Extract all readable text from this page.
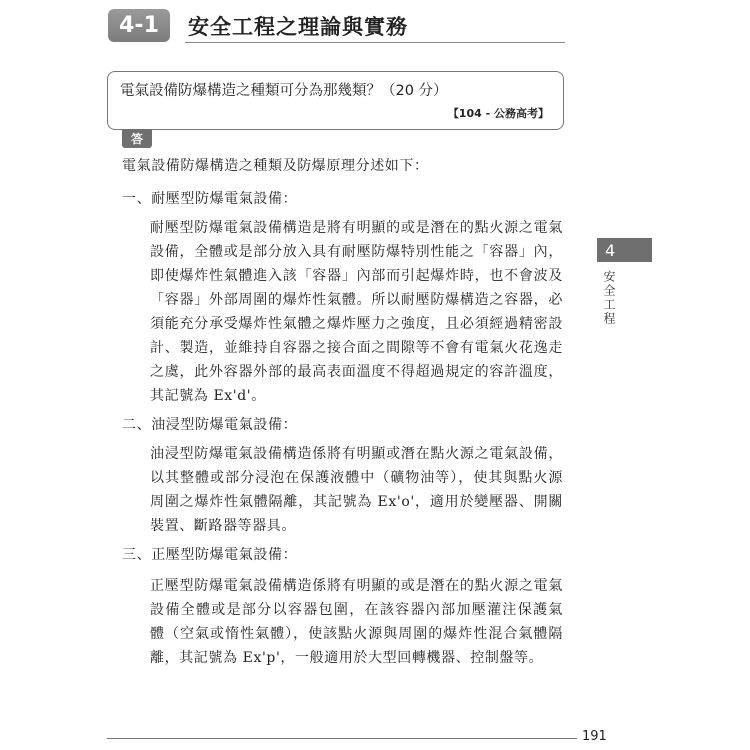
4-1	安全工程之理論與實務
電氣設備防爆構造之種類可分為那幾類？（20 分）
【104 - 公務高考】
答
4
安全工程
電氣設備防爆構造之種類及防爆原理分述如下：
一、耐壓型防爆電氣設備：
耐壓型防爆電氣設備構造是將有明顯的或是潛在的點火源之電氣
設備，全體或是部分放入具有耐壓防爆特別性能之「容器」內，
即使爆炸性氣體進入該「容器」內部而引起爆炸時，也不會波及
「容器」外部周圍的爆炸性氣體。所以耐壓防爆構造之容器，必
須能充分承受爆炸性氣體之爆炸壓力之強度，且必須經過精密設
計、製造，並維持自容器之接合面之間隙等不會有電氣火花逸走
之虞，此外容器外部的最高表面溫度不得超過規定的容許溫度，
其記號為 Ex'd'。
二、油浸型防爆電氣設備：
油浸型防爆電氣設備構造係將有明顯或潛在點火源之電氣設備，
以其整體或部分浸泡在保護液體中（礦物油等），使其與點火源
周圍之爆炸性氣體隔離，其記號為 Ex'o'，適用於變壓器、開關
裝置、斷路器等器具。
三、正壓型防爆電氣設備：
正壓型防爆電氣設備構造係將有明顯的或是潛在的點火源之電氣
設備全體或是部分以容器包圍，在該容器內部加壓灌注保護氣
體（空氣或惰性氣體），使該點火源與周圍的爆炸性混合氣體隔
離，其記號為 Ex'p'，一般適用於大型回轉機器、控制盤等。
191
